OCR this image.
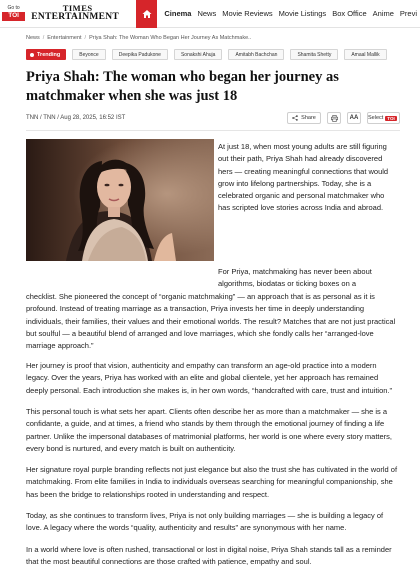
Go to
TOI
TIMES
ENTERTAINMENT	Cinema News Movie Reviews Movie Listings Box Office Anime Previ
News / Entertainment / Priya Shah: The Woman Who Began Her Journey As Matchmake..
Trending	Beyonce	Deepika Padukone	Sonakshi Ahuja	Amitabh Bachchan	Shamita Shetty	Amaal Mallik
Priya Shah: The woman who began her journey as matchmaker when she was just 18
TNN / TNN / Aug 28, 2025, 16:52 IST	Share	AA	Select TOI

At just 18, when most young adults are still figuring out their path, Priya Shah had already discovered hers — creating meaningful connections that would grow into lifelong partnerships. Today, she is a celebrated organic and personal matchmaker who has scripted love stories across India and abroad.

For Priya, matchmaking has never been about algorithms, biodatas or ticking boxes on a

checklist. She pioneered the concept of “organic matchmaking” — an approach that is as personal as it is profound. Instead of treating marriage as a transaction, Priya invests her time in deeply understanding individuals, their families, their values and their emotional worlds. The result? Matches that are not just practical but soulful — a beautiful blend of arranged and love marriages, which she fondly calls her “arranged-love marriage approach.”

Her journey is proof that vision, authenticity and empathy can transform an age-old practice into a modern legacy. Over the years, Priya has worked with an elite and global clientele, yet her approach has remained deeply personal. Each introduction she makes is, in her own words, “handcrafted with care, trust and intuition.”

This personal touch is what sets her apart. Clients often describe her as more than a matchmaker — she is a confidante, a guide, and at times, a friend who stands by them through the emotional journey of finding a life partner. Unlike the impersonal databases of matrimonial platforms, her world is one where every story matters, every bond is nurtured, and every match is built on authenticity.

Her signature royal purple branding reflects not just elegance but also the trust she has cultivated in the world of matchmaking. From elite families in India to individuals overseas searching for meaningful companionship, she has been the bridge to relationships rooted in understanding and respect.

Today, as she continues to transform lives, Priya is not only building marriages — she is building a legacy of love. A legacy where the words “quality, authenticity and results” are synonymous with her name.

In a world where love is often rushed, transactional or lost in digital noise, Priya Shah stands tall as a reminder that the most beautiful connections are those crafted with patience, empathy and soul.
